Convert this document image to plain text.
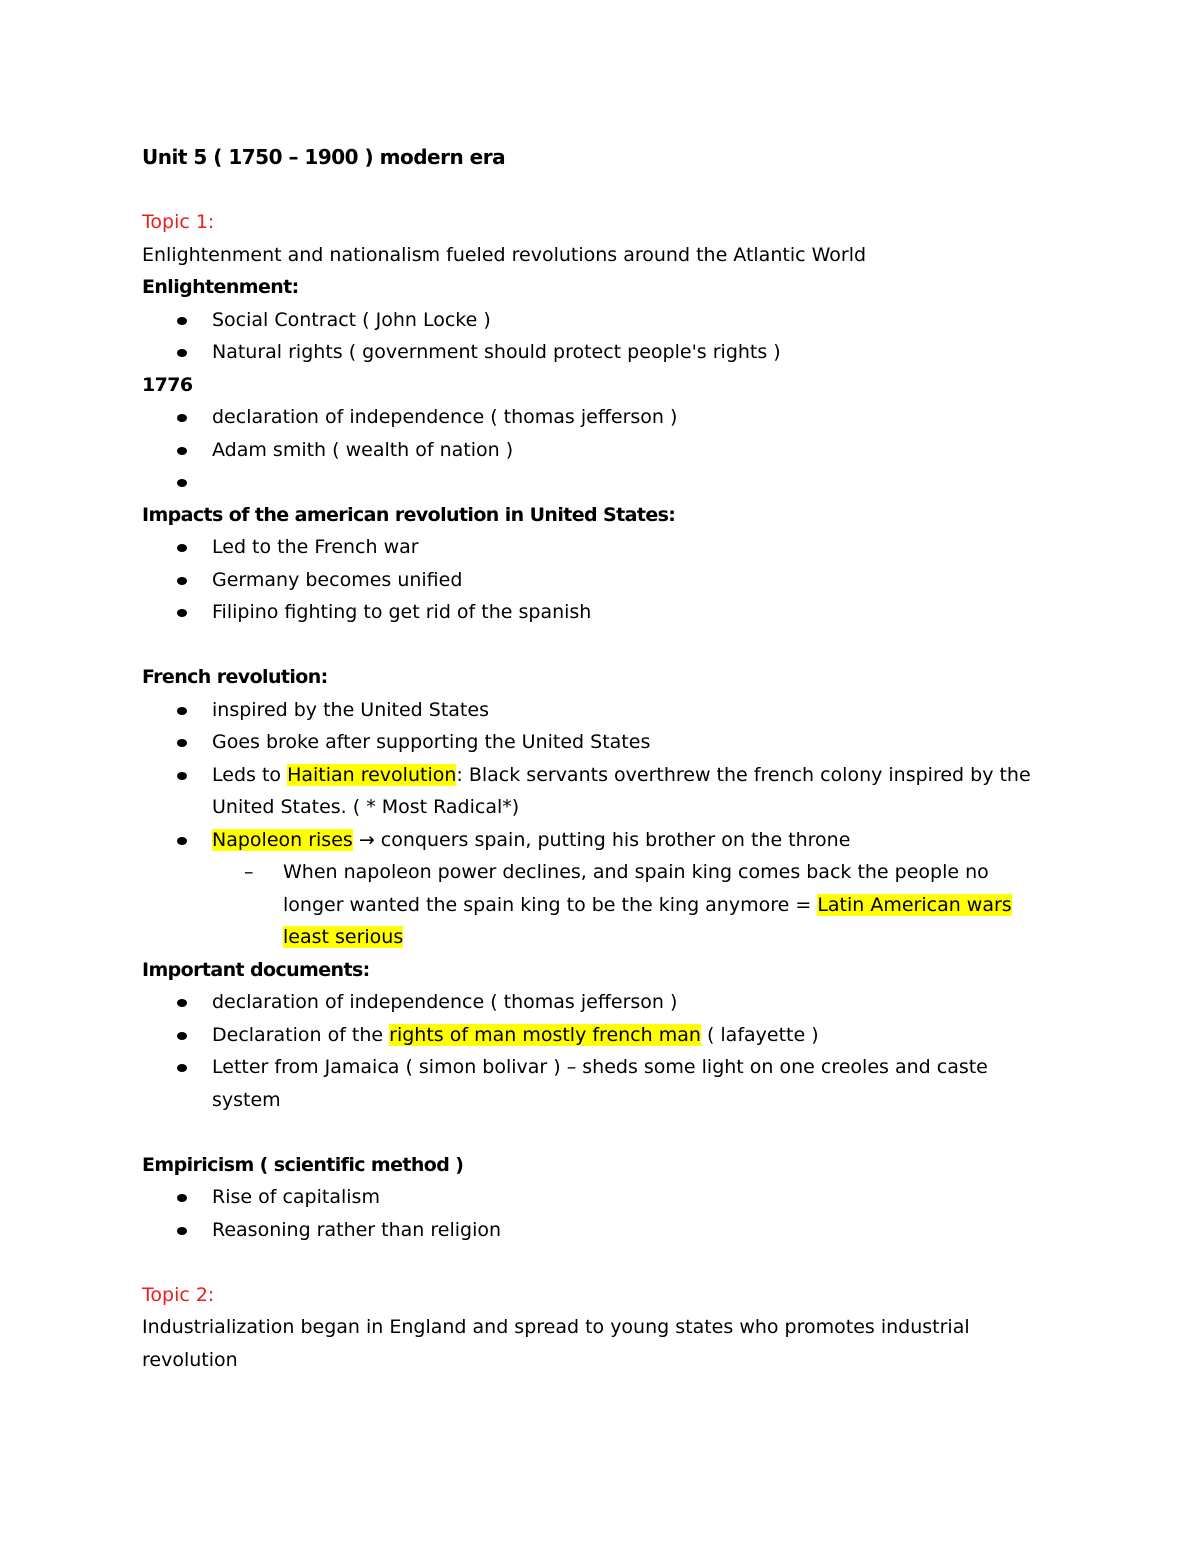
Unit 5 ( 1750 – 1900 ) modern era
Topic 1:
Enlightenment and nationalism fueled revolutions around the Atlantic World
Enlightenment:
Social Contract ( John Locke )
Natural rights ( government should protect people's rights )
1776
declaration of independence ( thomas jefferson )
Adam smith ( wealth of nation )

Impacts of the american revolution in United States:
Led to the French war
Germany becomes unified
Filipino fighting to get rid of the spanish
French revolution:
inspired by the United States
Goes broke after supporting the United States
Leds to Haitian revolution: Black servants overthrew the french colony inspired by the United States. ( * Most Radical*)
Napoleon rises → conquers spain, putting his brother on the throne
– When napoleon power declines, and spain king comes back the people no longer wanted the spain king to be the king anymore = Latin American wars least serious
Important documents:
declaration of independence ( thomas jefferson )
Declaration of the rights of man mostly french man ( lafayette )
Letter from Jamaica ( simon bolivar ) – sheds some light on one creoles and caste system
Empiricism ( scientific method )
Rise of capitalism
Reasoning rather than religion
Topic 2:
Industrialization began in England and spread to young states who promotes industrial revolution
